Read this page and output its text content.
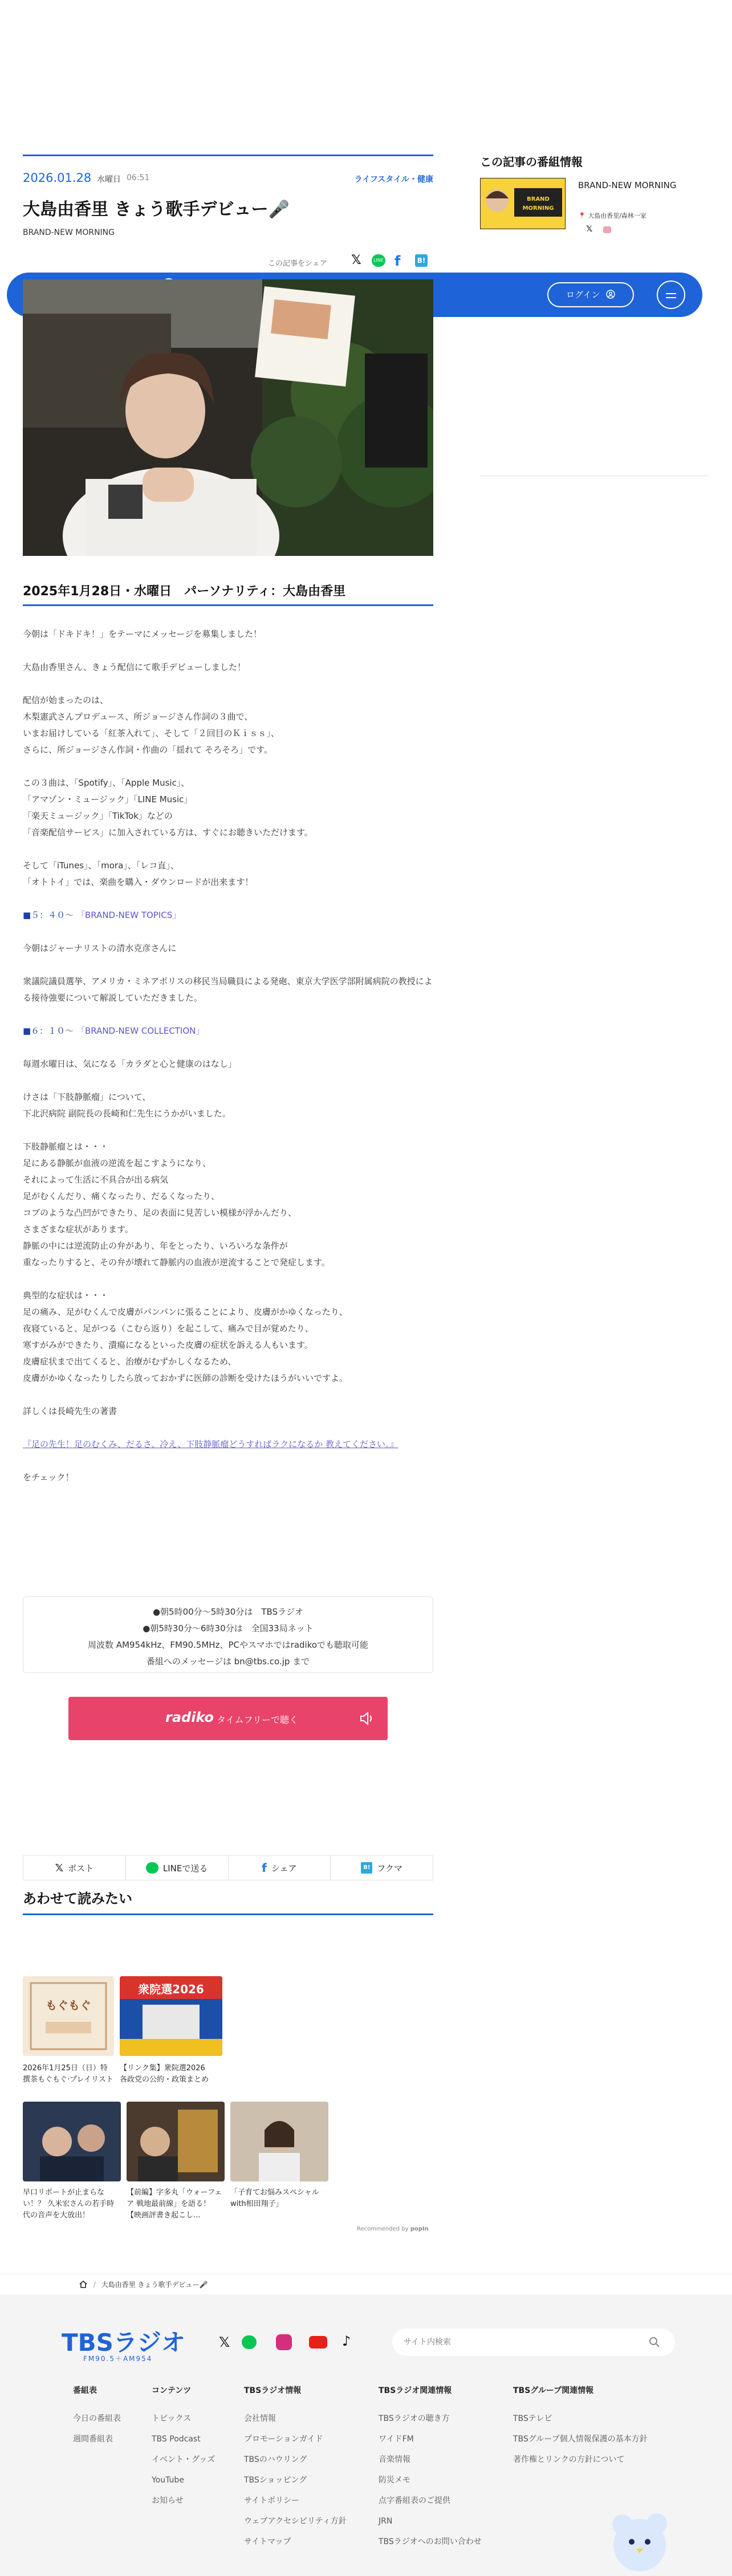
ログイン
2026.01.28 水曜日 06:51	ライフスタイル・健康
大島由香里 きょう歌手デビュー🎤
BRAND-NEW MORNING
この記事をシェア 𝕏	LINE f	B!
2025年1月28日・水曜日　パーソナリティ：大島由香里

今朝は「ドキドキ！」をテーマにメッセージを募集しました！

大島由香里さん、きょう配信にて歌手デビューしました！

配信が始まったのは、
木梨憲武さんプロデュース、所ジョージさん作詞の３曲で、
いまお届けしている「紅茶入れて」、そして「２回目のＫｉｓｓ」、
さらに、所ジョージさん作詞・作曲の「揺れて そろそろ」です。

この３曲は、「Spotify」、「Apple Music」、
「アマゾン・ミュージック」「LINE Music」
「楽天ミュージック」「TikTok」などの
「音楽配信サービス」に加入されている方は、すぐにお聴きいただけます。

そして「iTunes」、「mora」、「レコ直」、
「オトトイ」では、楽曲を購入・ダウンロードが出来ます！

■５：４０～ 「BRAND-NEW TOPICS」

今朝はジャーナリストの清水克彦さんに

衆議院議員選挙、アメリカ・ミネアポリスの移民当局職員による発砲、東京大学医学部附属病院の教授による接待強要について解説していただきました。

■６：１０～ 「BRAND-NEW COLLECTION」

毎週水曜日は、気になる「カラダと心と健康のはなし」

けさは「下肢静脈瘤」について、
下北沢病院 副院長の長崎和仁先生にうかがいました。

下肢静脈瘤とは・・・
足にある静脈が血液の逆流を起こすようになり、
それによって生活に不具合が出る病気
足がむくんだり、痛くなったり、だるくなったり、
コブのような凸凹ができたり、足の表面に見苦しい模様が浮かんだり、
さまざまな症状があります。
静脈の中には逆流防止の弁があり、年をとったり、いろいろな条件が
重なったりすると、その弁が壊れて静脈内の血液が逆流することで発症します。

典型的な症状は・・・
足の痛み、足がむくんで皮膚がパンパンに張ることにより、皮膚がかゆくなったり、
夜寝ていると、足がつる（こむら返り）を起こして、痛みで目が覚めたり、
寒すがみができたり、潰瘍になるといった皮膚の症状を訴える人もいます。
皮膚症状まで出てくると、治療がむずかしくなるため、
皮膚がかゆくなったりしたら放っておかずに医師の診断を受けたほうがいいですよ。

詳しくは長崎先生の著書

『足の先生！足のむくみ、だるさ、冷え、下肢静脈瘤どうすればラクになるか 教えてください。』

をチェック！

●朝5時00分～5時30分は　TBSラジオ
●朝5時30分～6時30分は　全国33局ネット
周波数 AM954kHz、FM90.5MHz、PCやスマホではradikoでも聴取可能
番組へのメッセージは bn@tbs.co.jp まで
radiko タイムフリーで聴く
𝕏 ポスト	LINEで送る	f シェア	B! フクマ
あわせて読みたい
もぐもぐ
2026年1月25日（日）特
撰茶もぐもぐ·プレイリスト
衆院選2026
【リンク集】衆院選2026
各政党の公約・政策まとめ
早口リポートが止まらない！？ 久米宏さんの若手時代の音声を大放出！
【前編】字多丸「ウォーフェア 戦地最前線」を語る！【映画評書き起こし...
「子育てお悩みスペシャル with相田翔子」
Recommended by popIn
この記事の番組情報
BRAND
MORNING
BRAND-NEW MORNING
📍 大島由香里/森林一家
𝕏
/ 大島由香里 きょう歌手デビュー🎤
TBSラジオ
FM90.5＋AM954
𝕏	♪
サイト内検索
番組表
今日の番組表
週間番組表
コンテンツ
トピックス
TBS Podcast
イベント・グッズ
YouTube
お知らせ
TBSラジオ情報
会社情報
プロモーションガイド
TBSのハウリング
TBSショッピング
サイトポリシー
ウェブアクセシビリティ方針
サイトマップ
TBSラジオ関連情報
TBSラジオの聴き方
ワイドFM
音楽情報
防災メモ
点字番組表のご提供
JRN
TBSラジオへのお問い合わせ
TBSグループ関連情報
TBSテレビ
TBSグループ個人情報保護の基本方針
著作権とリンクの方針について
